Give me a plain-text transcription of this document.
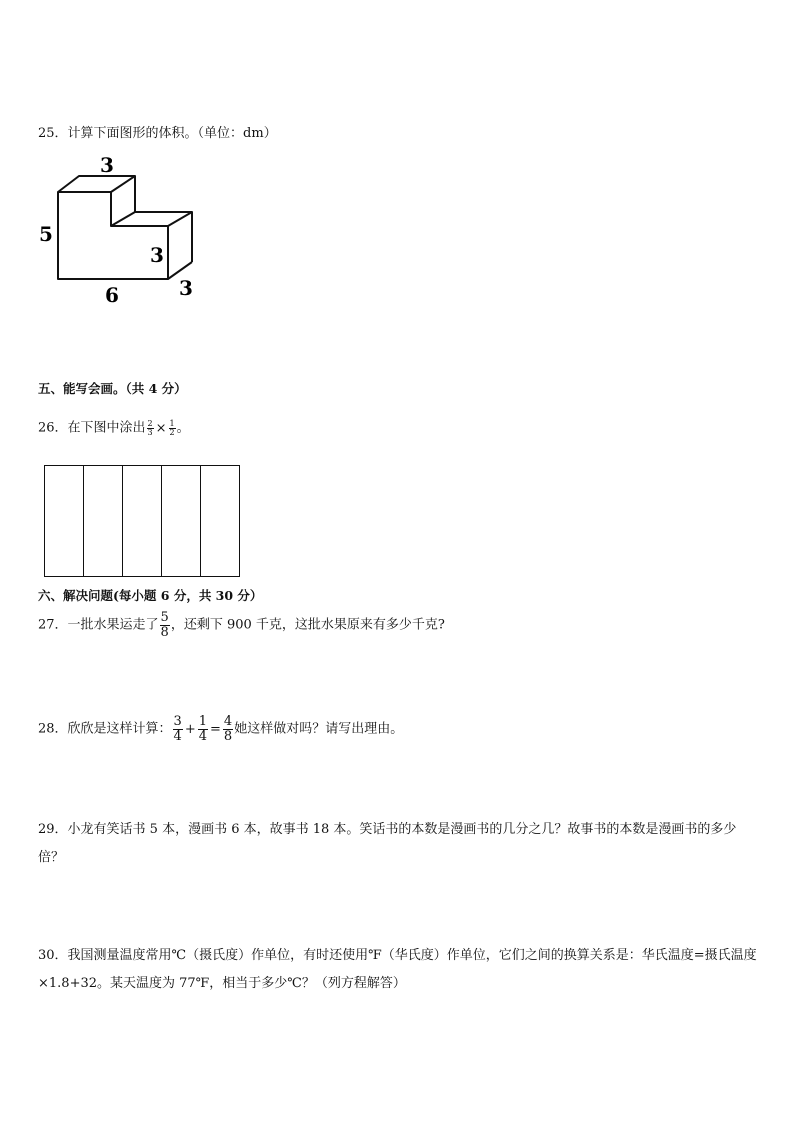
25．计算下面图形的体积。（单位：dm）
3
5
3
6	3
五、能写会画。（共 4 分）
26．在下图中涂出 $\frac{2}{3} \times \frac{1}{2}$ 。
六、解决问题(每小题 6 分，共 30 分）
27．一批水果运走了 $\frac{5}{8}$ ，还剩下 900 千克，这批水果原来有多少千克?
28．欣欣是这样计算： $\frac{3}{4} + \frac{1}{4} = \frac{4}{8}$ 她这样做对吗？请写出理由。
29．小龙有笑话书 5 本，漫画书 6 本，故事书 18 本。笑话书的本数是漫画书的几分之几？故事书的本数是漫画书的多少倍？
30．我国测量温度常用℃（摄氏度）作单位，有时还使用℉（华氏度）作单位，它们之间的换算关系是：华氏温度=摄氏温度×1.8+32。某天温度为 77℉，相当于多少℃？（列方程解答）
